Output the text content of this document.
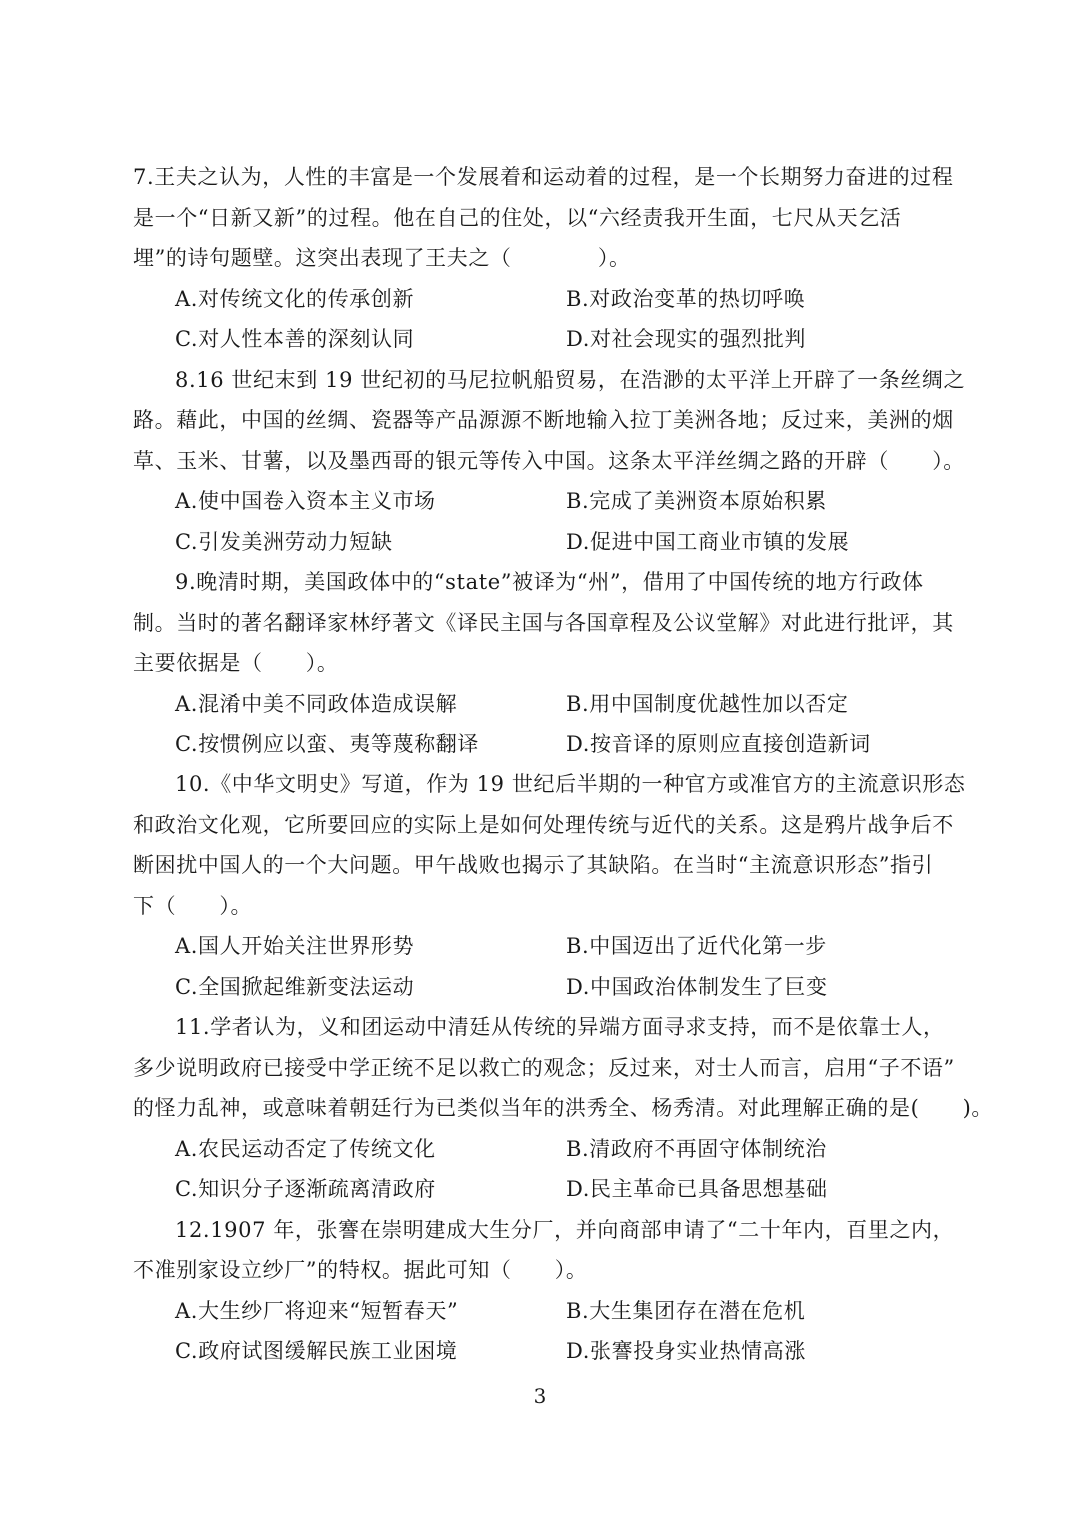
7.王夫之认为，人性的丰富是一个发展着和运动着的过程，是一个长期努力奋进的过程
是一个“日新又新”的过程。他在自己的住处，以“六经责我开生面，七尺从天乞活
埋”的诗句题壁。这突出表现了王夫之（　　　　）。
A.对传统文化的传承创新	B.对政治变革的热切呼唤
C.对人性本善的深刻认同	D.对社会现实的强烈批判
8.16 世纪末到 19 世纪初的马尼拉帆船贸易，在浩渺的太平洋上开辟了一条丝绸之
路。藉此，中国的丝绸、瓷器等产品源源不断地输入拉丁美洲各地；反过来，美洲的烟
草、玉米、甘薯，以及墨西哥的银元等传入中国。这条太平洋丝绸之路的开辟（　　）。
A.使中国卷入资本主义市场	B.完成了美洲资本原始积累
C.引发美洲劳动力短缺	D.促进中国工商业市镇的发展
9.晚清时期，美国政体中的“state”被译为“州”，借用了中国传统的地方行政体
制。当时的著名翻译家林纾著文《译民主国与各国章程及公议堂解》对此进行批评，其
主要依据是（　　）。
A.混淆中美不同政体造成误解	B.用中国制度优越性加以否定
C.按惯例应以蛮、夷等蔑称翻译	D.按音译的原则应直接创造新词
10.《中华文明史》写道，作为 19 世纪后半期的一种官方或准官方的主流意识形态
和政治文化观，它所要回应的实际上是如何处理传统与近代的关系。这是鸦片战争后不
断困扰中国人的一个大问题。甲午战败也揭示了其缺陷。在当时“主流意识形态”指引
下（　　）。
A.国人开始关注世界形势	B.中国迈出了近代化第一步
C.全国掀起维新变法运动	D.中国政治体制发生了巨变
11.学者认为，义和团运动中清廷从传统的异端方面寻求支持，而不是依靠士人，
多少说明政府已接受中学正统不足以救亡的观念；反过来，对士人而言，启用“子不语”
的怪力乱神，或意味着朝廷行为已类似当年的洪秀全、杨秀清。对此理解正确的是(　　)。
A.农民运动否定了传统文化	B.清政府不再固守体制统治
C.知识分子逐渐疏离清政府	D.民主革命已具备思想基础
12.1907 年，张謇在崇明建成大生分厂，并向商部申请了“二十年内，百里之内，
不准别家设立纱厂”的特权。据此可知（　　）。
A.大生纱厂将迎来“短暂春天”	B.大生集团存在潜在危机
C.政府试图缓解民族工业困境	D.张謇投身实业热情高涨
3
